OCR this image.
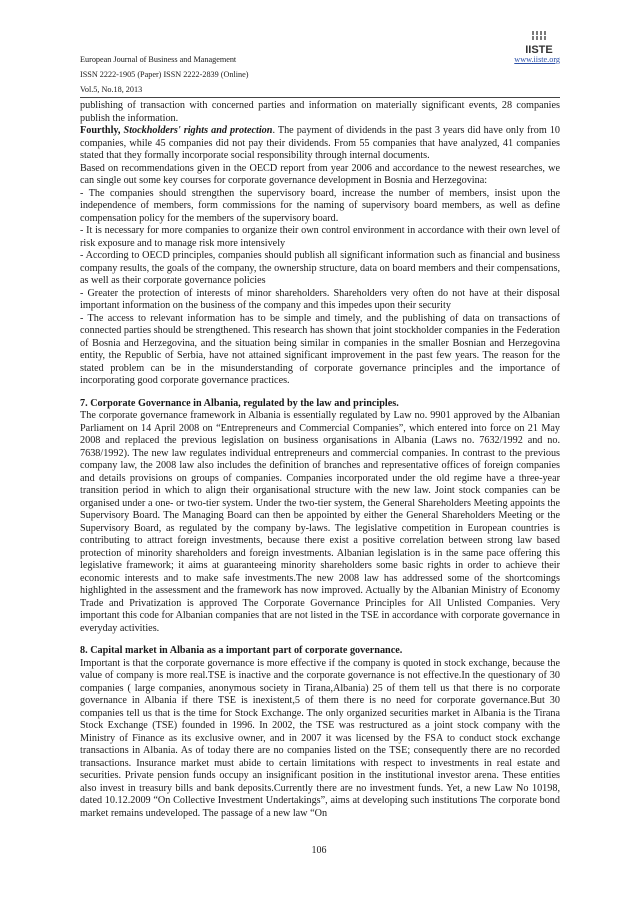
European Journal of Business and Management
ISSN 2222-1905 (Paper) ISSN 2222-2839 (Online)
Vol.5, No.18, 2013
IISTE
www.iiste.org

publishing of transaction with concerned parties and information on materially significant events, 28 companies publish the information.

Fourthly, Stockholders' rights and protection. The payment of dividends in the past 3 years did have only from 10 companies, while 45 companies did not pay their dividends. From 55 companies that have analyzed, 41 companies stated that they formally incorporate social responsibility through internal documents.

Based on recommendations given in the OECD report from year 2006 and accordance to the newest researches, we can single out some key courses for corporate governance development in Bosnia and Herzegovina:

- The companies should strengthen the supervisory board, increase the number of members, insist upon the independence of members, form commissions for the naming of supervisory board members, as well as define compensation policy for the members of the supervisory board.

- It is necessary for more companies to organize their own control environment in accordance with their own level of risk exposure and to manage risk more intensively

- According to OECD principles, companies should publish all significant information such as financial and business company results, the goals of the company, the ownership structure, data on board members and their compensations, as well as their corporate governance policies

- Greater the protection of interests of minor shareholders. Shareholders very often do not have at their disposal important information on the business of the company and this impedes upon their security

- The access to relevant information has to be simple and timely, and the publishing of data on transactions of connected parties should be strengthened. This research has shown that joint stockholder companies in the Federation of Bosnia and Herzegovina, and the situation being similar in companies in the smaller Bosnian and Herzegovina entity, the Republic of Serbia, have not attained significant improvement in the past few years. The reason for the stated problem can be in the misunderstanding of corporate governance principles and the importance of incorporating good corporate governance practices.

7. Corporate Governance in Albania, regulated by the law and principles.

The corporate governance framework in Albania is essentially regulated by Law no. 9901 approved by the Albanian Parliament on 14 April 2008 on “Entrepreneurs and Commercial Companies”, which entered into force on 21 May 2008 and replaced the previous legislation on business organisations in Albania (Laws no. 7632/1992 and no. 7638/1992). The new law regulates individual entrepreneurs and commercial companies. In contrast to the previous company law, the 2008 law also includes the definition of branches and representative offices of foreign companies and details provisions on groups of companies. Companies incorporated under the old regime have a three-year transition period in which to align their organisational structure with the new law. Joint stock companies can be organised under a one- or two-tier system. Under the two-tier system, the General Shareholders Meeting appoints the Supervisory Board. The Managing Board can then be appointed by either the General Shareholders Meeting or the Supervisory Board, as regulated by the company by-laws. The legislative competition in European countries is contributing to attract foreign investments, because there exist a positive correlation between strong law based protection of minority shareholders and foreign investments. Albanian legislation is in the same pace offering this legislative framework; it aims at guaranteeing minority shareholders some basic rights in order to achieve their economic interests and to make safe investments.The new 2008 law has addressed some of the shortcomings highlighted in the assessment and the framework has now improved. Actually by the Albanian Ministry of Economy Trade and Privatization is approved The Corporate Governance Principles for All Unlisted Companies. Very important this code for Albanian companies that are not listed in the TSE in accordance with corporate governance in everyday activities.

8. Capital market in Albania as a important part of corporate governance.

Important is that the corporate governance is more effective if the company is quoted in stock exchange, because the value of company is more real.TSE is inactive and the corporate governance is not effective.In the questionary of 30 companies ( large companies, anonymous society in Tirana,Albania) 25 of them tell us that there is no corporate governance in Albania if there TSE is inexistent,5 of them there is no need for corporate governance.But 30 companies tell us that is the time for Stock Exchange. The only organized securities market in Albania is the Tirana Stock Exchange (TSE) founded in 1996. In 2002, the TSE was restructured as a joint stock company with the Ministry of Finance as its exclusive owner, and in 2007 it was licensed by the FSA to conduct stock exchange transactions in Albania. As of today there are no companies listed on the TSE; consequently there are no recorded transactions. Insurance market must abide to certain limitations with respect to investments in real estate and securities. Private pension funds occupy an insignificant position in the institutional investor arena. These entities also invest in treasury bills and bank deposits.Currently there are no investment funds. Yet, a new Law No 10198, dated 10.12.2009 “On Collective Investment Undertakings”, aims at developing such institutions The corporate bond market remains undeveloped. The passage of a new law “On

106
